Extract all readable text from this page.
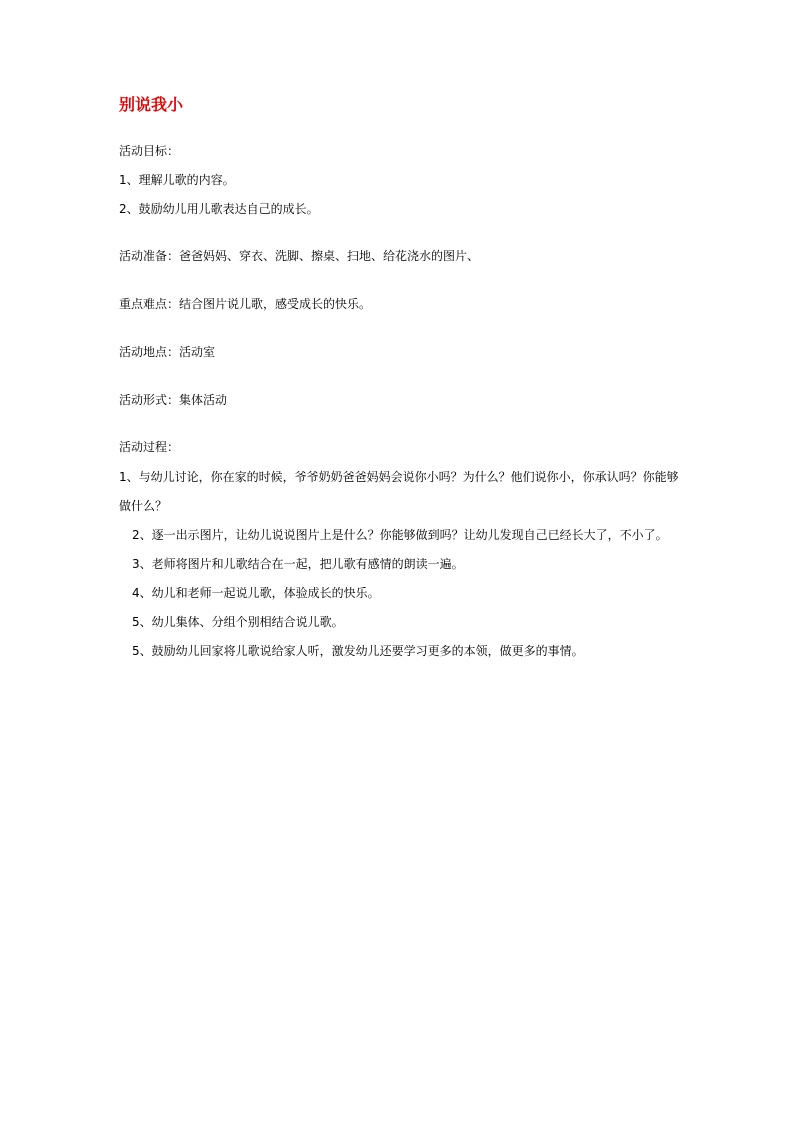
别说我小
活动目标：
1、理解儿歌的内容。
2、鼓励幼儿用儿歌表达自己的成长。
活动准备：爸爸妈妈、穿衣、洗脚、擦桌、扫地、给花浇水的图片、
重点难点：结合图片说儿歌，感受成长的快乐。
活动地点：活动室
活动形式：集体活动
活动过程：
1、与幼儿讨论，你在家的时候，爷爷奶奶爸爸妈妈会说你小吗？为什么？他们说你小，你承认吗？你能够
做什么？
2、逐一出示图片，让幼儿说说图片上是什么？你能够做到吗？让幼儿发现自己已经长大了，不小了。
3、老师将图片和儿歌结合在一起，把儿歌有感情的朗读一遍。
4、幼儿和老师一起说儿歌，体验成长的快乐。
5、幼儿集体、分组个别相结合说儿歌。
5、鼓励幼儿回家将儿歌说给家人听，激发幼儿还要学习更多的本领，做更多的事情。
